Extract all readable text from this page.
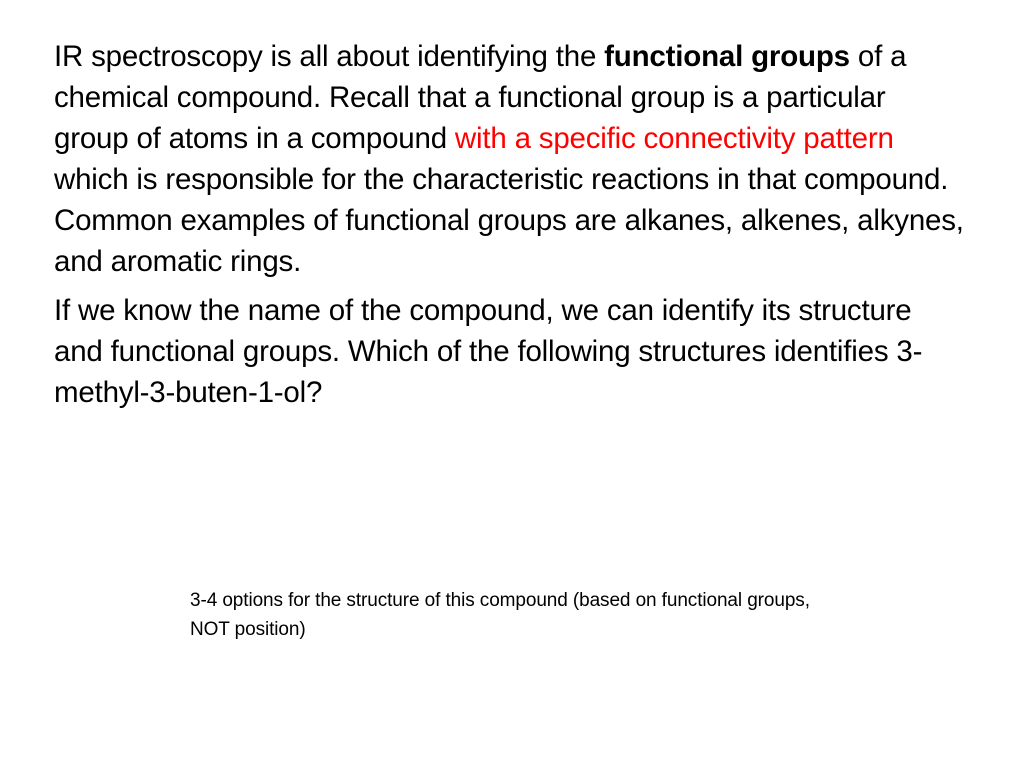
IR spectroscopy is all about identifying the functional groups of a chemical compound. Recall that a functional group is a particular group of atoms in a compound with a specific connectivity pattern which is responsible for the characteristic reactions in that compound. Common examples of functional groups are alkanes, alkenes, alkynes, and aromatic rings.

If we know the name of the compound, we can identify its structure and functional groups. Which of the following structures identifies 3-methyl-3-buten-1-ol?

3-4 options for the structure of this compound (based on functional groups, NOT position)
